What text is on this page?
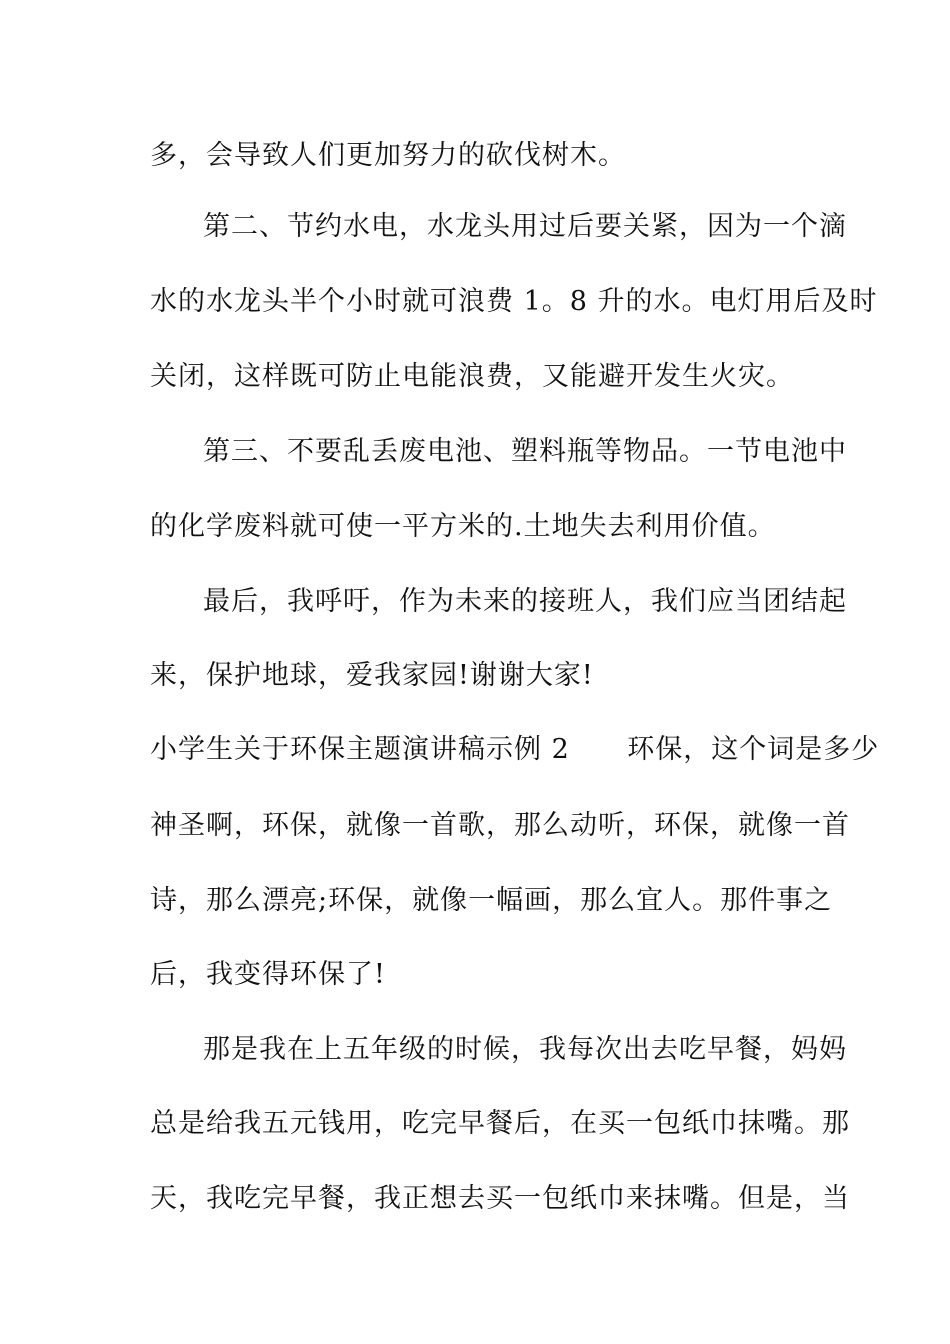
多，会导致人们更加努力的砍伐树木。
第二、节约水电，水龙头用过后要关紧，因为一个滴
水的水龙头半个小时就可浪费 1。8 升的水。电灯用后及时
关闭，这样既可防止电能浪费，又能避开发生火灾。
第三、不要乱丢废电池、塑料瓶等物品。一节电池中
的化学废料就可使一平方米的.土地失去利用价值。
最后，我呼吁，作为未来的接班人，我们应当团结起
来，保护地球，爱我家园!谢谢大家!
小学生关于环保主题演讲稿示例 2      环保，这个词是多少
神圣啊，环保，就像一首歌，那么动听，环保，就像一首
诗，那么漂亮;环保，就像一幅画，那么宜人。那件事之
后，我变得环保了!
那是我在上五年级的时候，我每次出去吃早餐，妈妈
总是给我五元钱用，吃完早餐后，在买一包纸巾抹嘴。那
天，我吃完早餐，我正想去买一包纸巾来抹嘴。但是，当
